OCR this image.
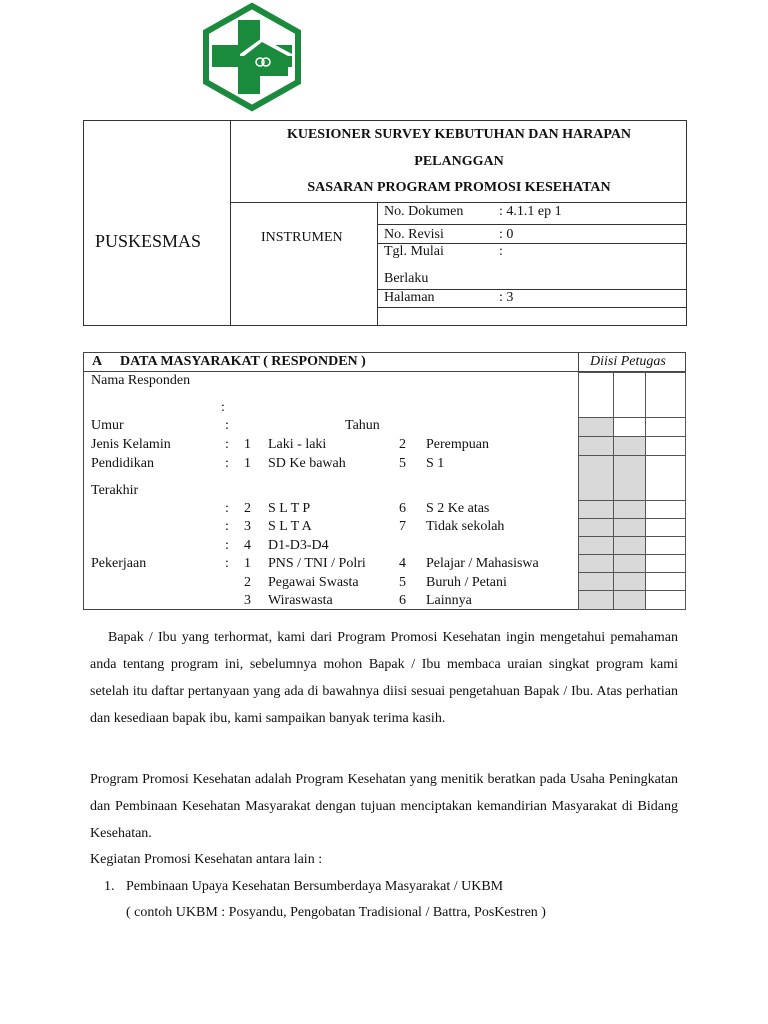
PUSKESMAS
KUESIONER SURVEY KEBUTUHAN DAN HARAPAN
PELANGGAN
SASARAN PROGRAM PROMOSI KESEHATAN
INSTRUMEN
No. Dokumen	: 4.1.1 ep 1
No. Revisi	: 0
Tgl. Mulai	:
Berlaku
Halaman	: 3
A DATA MASYARAKAT ( RESPONDEN )	Diisi Petugas
Nama Responden
:
Umur	:	Tahun
Jenis Kelamin	: 1 Laki - laki	2 Perempuan
Pendidikan	: 1 SD Ke bawah	5 S 1
Terakhir
: 2 S L T P	6 S 2 Ke atas
: 3 S L T A	7 Tidak sekolah
: 4 D1-D3-D4
Pekerjaan	: 1 PNS / TNI / Polri 4 Pelajar / Mahasiswa
2 Pegawai Swasta	5 Buruh / Petani
3 Wiraswasta	6 Lainnya

Bapak / Ibu yang terhormat, kami dari Program Promosi Kesehatan ingin mengetahui pemahaman anda tentang program ini, sebelumnya mohon Bapak / Ibu membaca uraian singkat program kami setelah itu daftar pertanyaan yang ada di bawahnya diisi sesuai pengetahuan Bapak / Ibu. Atas perhatian dan kesediaan bapak ibu, kami sampaikan banyak terima kasih.

Program Promosi Kesehatan adalah Program Kesehatan yang menitik beratkan pada Usaha Peningkatan dan Pembinaan Kesehatan Masyarakat dengan tujuan menciptakan kemandirian Masyarakat di Bidang Kesehatan.

Kegiatan Promosi Kesehatan antara lain :
1. Pembinaan Upaya Kesehatan Bersumberdaya Masyarakat / UKBM
( contoh UKBM : Posyandu, Pengobatan Tradisional / Battra, PosKestren )
